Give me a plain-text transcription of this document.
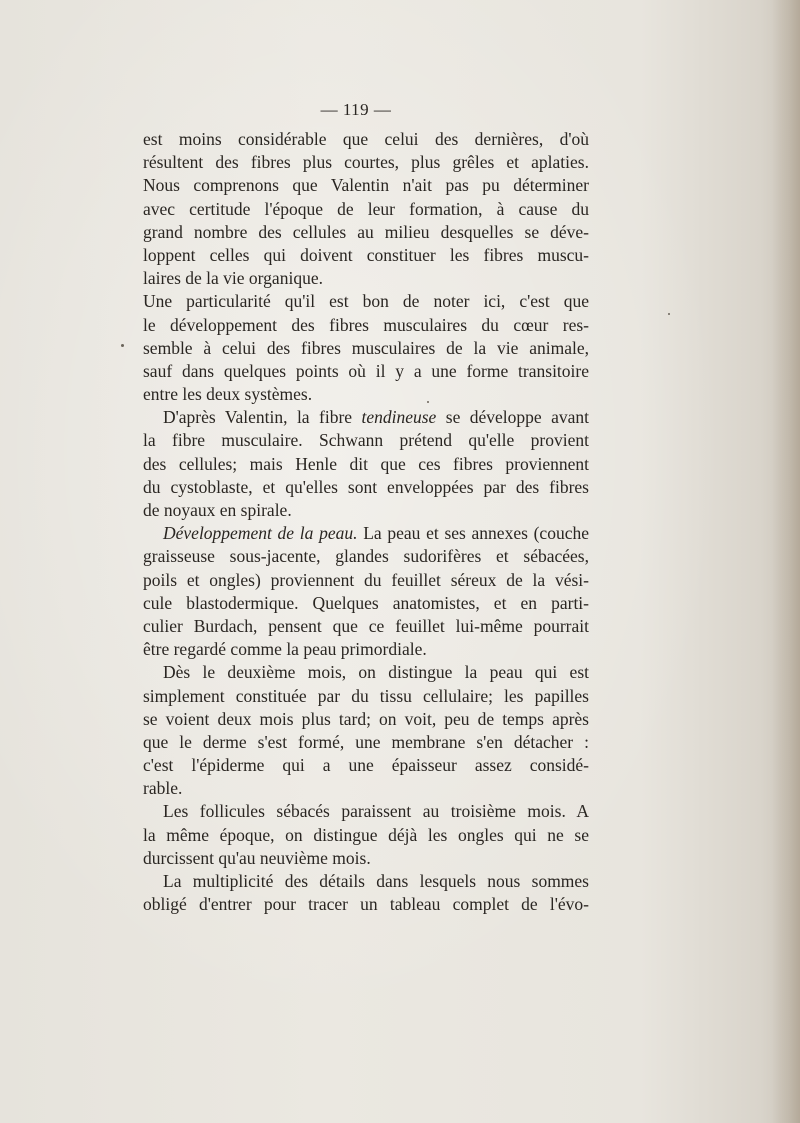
— 119 —
est moins considérable que celui des dernières, d'où
résultent des fibres plus courtes, plus grêles et aplaties.
Nous comprenons que Valentin n'ait pas pu déterminer
avec certitude l'époque de leur formation, à cause du
grand nombre des cellules au milieu desquelles se déve-
loppent celles qui doivent constituer les fibres muscu-
laires de la vie organique.
Une particularité qu'il est bon de noter ici, c'est que
le développement des fibres musculaires du cœur res-
semble à celui des fibres musculaires de la vie animale,
sauf dans quelques points où il y a une forme transitoire
entre les deux systèmes.
D'après Valentin, la fibre tendineuse se développe avant
la fibre musculaire. Schwann prétend qu'elle provient
des cellules; mais Henle dit que ces fibres proviennent
du cystoblaste, et qu'elles sont enveloppées par des fibres
de noyaux en spirale.
Développement de la peau. La peau et ses annexes (couche
graisseuse sous-jacente, glandes sudorifères et sébacées,
poils et ongles) proviennent du feuillet séreux de la vési-
cule blastodermique. Quelques anatomistes, et en parti-
culier Burdach, pensent que ce feuillet lui-même pourrait
être regardé comme la peau primordiale.
Dès le deuxième mois, on distingue la peau qui est
simplement constituée par du tissu cellulaire; les papilles
se voient deux mois plus tard; on voit, peu de temps après
que le derme s'est formé, une membrane s'en détacher :
c'est l'épiderme qui a une épaisseur assez considé-
rable.
Les follicules sébacés paraissent au troisième mois. A
la même époque, on distingue déjà les ongles qui ne se
durcissent qu'au neuvième mois.
La multiplicité des détails dans lesquels nous sommes
obligé d'entrer pour tracer un tableau complet de l'évo-
